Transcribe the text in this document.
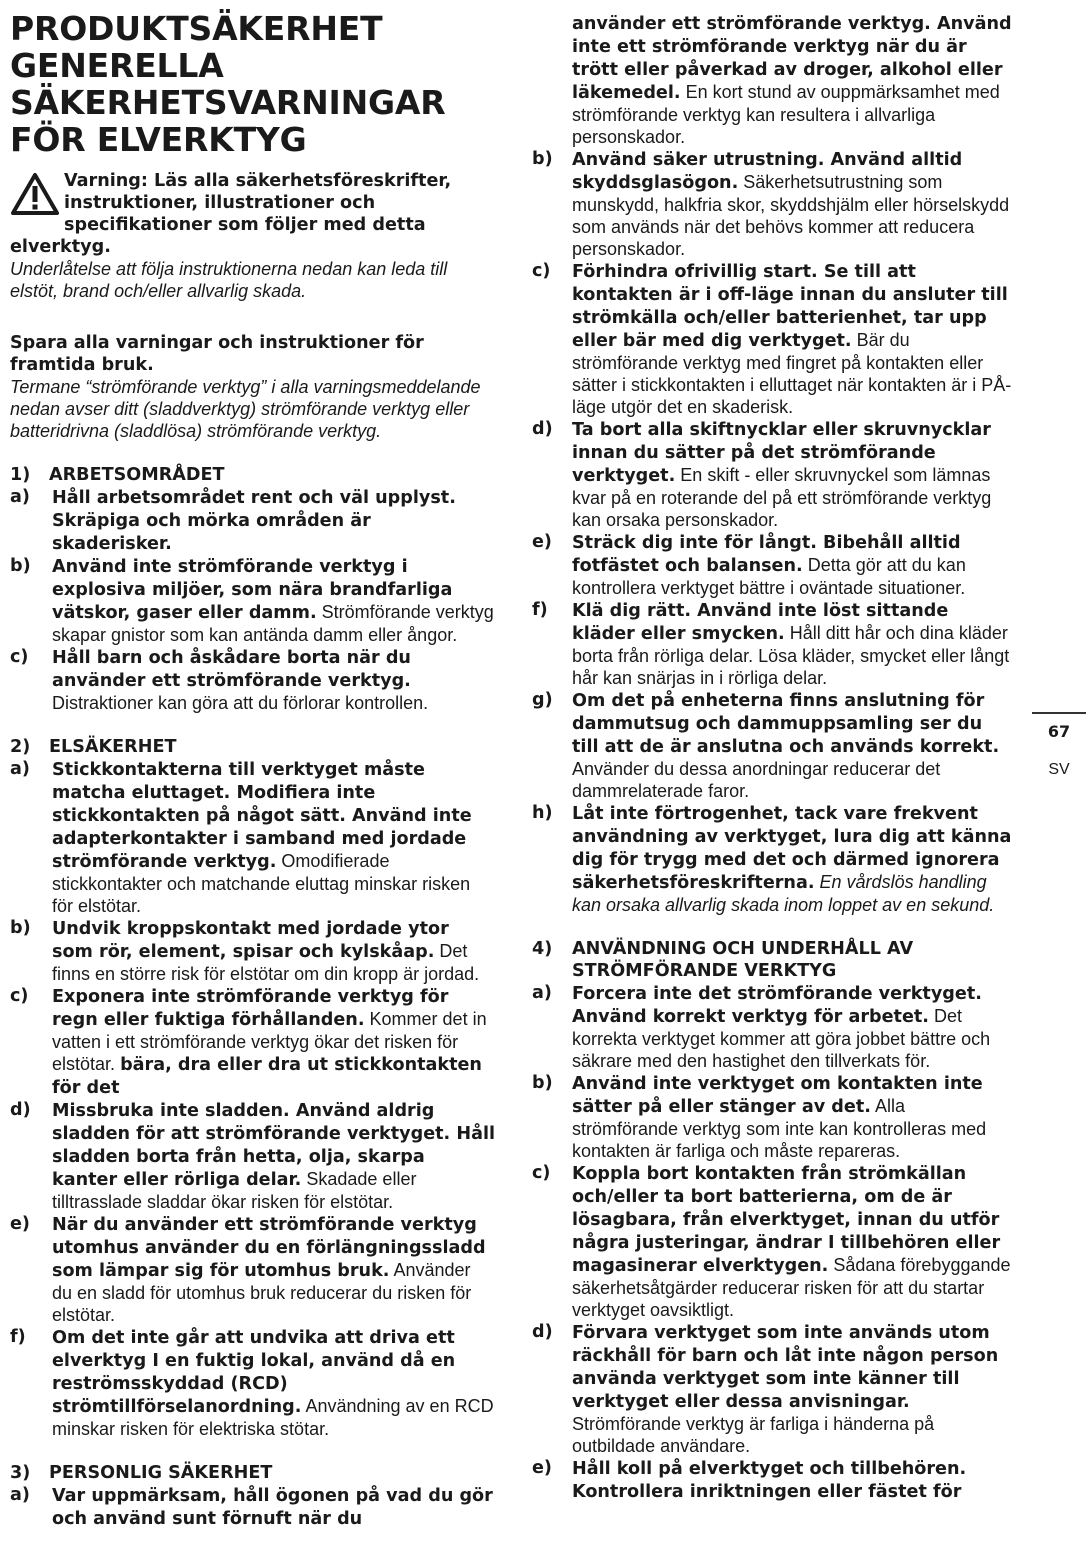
PRODUKTSÄKERHET
GENERELLA
SÄKERHETSVARNINGAR
FÖR ELVERKTYG
Varning: Läs alla säkerhetsföreskrifter, instruktioner, illustrationer och specifikationer som följer med detta elverktyg.
Underlåtelse att följa instruktionerna nedan kan leda till elstöt, brand och/eller allvarlig skada.
Spara alla varningar och instruktioner för framtida bruk.
Termane “strömförande verktyg” i alla varningsmeddelande nedan avser ditt (sladdverktyg) strömförande verktyg eller batteridrivna (sladdlösa) strömförande verktyg.
1)	ARBETSOMRÅDET
a)	Håll arbetsområdet rent och väl upplyst. Skräpiga och mörka områden är skaderisker.
b)	Använd inte strömförande verktyg i explosiva miljöer, som nära brandfarliga vätskor, gaser eller damm. Strömförande verktyg skapar gnistor som kan antända damm eller ångor.
c)	Håll barn och åskådare borta när du använder ett strömförande verktyg. Distraktioner kan göra att du förlorar kontrollen.
2)	ELSÄKERHET
a)	Stickkontakterna till verktyget måste matcha eluttaget. Modifiera inte stickkontakten på något sätt. Använd inte adapterkontakter i samband med jordade strömförande verktyg. Omodifierade stickkontakter och matchande eluttag minskar risken för elstötar.
b)	Undvik kroppskontakt med jordade ytor som rör, element, spisar och kylskåap. Det finns en större risk för elstötar om din kropp är jordad.
c)	Exponera inte strömförande verktyg för regn eller fuktiga förhållanden. Kommer det in vatten i ett strömförande verktyg ökar det risken för elstötar. bära, dra eller dra ut stickkontakten för det
d)	Missbruka inte sladden. Använd aldrig sladden för att strömförande verktyget. Håll sladden borta från hetta, olja, skarpa kanter eller rörliga delar. Skadade eller tilltrasslade sladdar ökar risken för elstötar.
e)	När du använder ett strömförande verktyg utomhus använder du en förlängningssladd som lämpar sig för utomhus bruk. Använder du en sladd för utomhus bruk reducerar du risken för elstötar.
f)	Om det inte går att undvika att driva ett elverktyg I en fuktig lokal, använd då en reströmsskyddad (RCD) strömtillförselanordning. Användning av en RCD minskar risken för elektriska stötar.
3)	PERSONLIG SÄKERHET
a)	Var uppmärksam, håll ögonen på vad du gör och använd sunt förnuft när du
använder ett strömförande verktyg. Använd inte ett strömförande verktyg när du är trött eller påverkad av droger, alkohol eller läkemedel. En kort stund av ouppmärksamhet med strömförande verktyg kan resultera i allvarliga personskador.
b)	Använd säker utrustning. Använd alltid skyddsglasögon. Säkerhetsutrustning som munskydd, halkfria skor, skyddshjälm eller hörselskydd som används när det behövs kommer att reducera personskador.
c)	Förhindra ofrivillig start. Se till att kontakten är i off-läge innan du ansluter till strömkälla och/eller batterienhet, tar upp eller bär med dig verktyget. Bär du strömförande verktyg med fingret på kontakten eller sätter i stickkontakten i elluttaget när kontakten är i PÅ-läge utgör det en skaderisk.
d)	Ta bort alla skiftnycklar eller skruvnycklar innan du sätter på det strömförande verktyget. En skift - eller skruvnyckel som lämnas kvar på en roterande del på ett strömförande verktyg kan orsaka personskador.
e)	Sträck dig inte för långt. Bibehåll alltid fotfästet och balansen. Detta gör att du kan kontrollera verktyget bättre i oväntade situationer.
f)	Klä dig rätt. Använd inte löst sittande kläder eller smycken. Håll ditt hår och dina kläder borta från rörliga delar. Lösa kläder, smycket eller långt hår kan snärjas in i rörliga delar.
g)	Om det på enheterna finns anslutning för dammutsug och dammuppsamling ser du till att de är anslutna och används korrekt. Använder du dessa anordningar reducerar det dammrelaterade faror.
h)	Låt inte förtrogenhet, tack vare frekvent användning av verktyget, lura dig att känna dig för trygg med det och därmed ignorera säkerhetsföreskrifterna. En vårdslös handling kan orsaka allvarlig skada inom loppet av en sekund.
4)	ANVÄNDNING OCH UNDERHÅLL AV STRÖMFÖRANDE VERKTYG
a)	Forcera inte det strömförande verktyget. Använd korrekt verktyg för arbetet. Det korrekta verktyget kommer att göra jobbet bättre och säkrare med den hastighet den tillverkats för.
b)	Använd inte verktyget om kontakten inte sätter på eller stänger av det. Alla strömförande verktyg som inte kan kontrolleras med kontakten är farliga och måste repareras.
c)	Koppla bort kontakten från strömkällan och/eller ta bort batterierna, om de är lösagbara, från elverktyget, innan du utför några justeringar, ändrar I tillbehören eller magasinerar elverktygen. Sådana förebyggande säkerhetsåtgärder reducerar risken för att du startar verktyget oavsiktligt.
d)	Förvara verktyget som inte används utom räckhåll för barn och låt inte någon person använda verktyget som inte känner till verktyget eller dessa anvisningar. Strömförande verktyg är farliga i händerna på outbildade användare.
e)	Håll koll på elverktyget och tillbehören. Kontrollera inriktningen eller fästet för
67
SV
